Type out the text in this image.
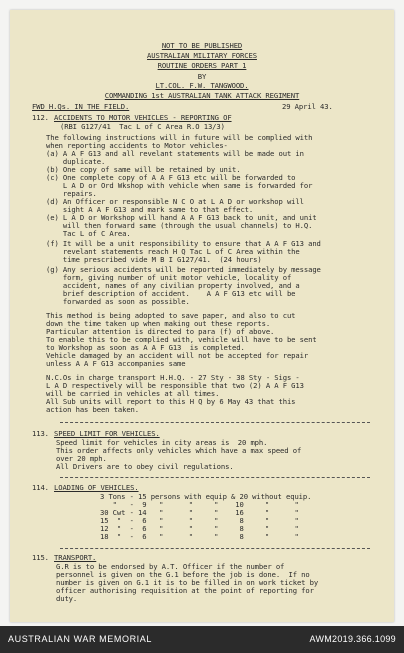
NOT TO BE PUBLISHED
AUSTRALIAN MILITARY FORCES
ROUTINE ORDERS PART 1
BY
LT.COL. F.W. TANGWOOD.
COMMANDING 1st AUSTRALIAN TANK ATTACK REGIMENT
FWD H.Qs. IN THE FIELD.	29 April 43.
112. ACCIDENTS TO MOTOR VEHICLES - REPORTING OF
(RBI G127/41  Tac L of C Area R.O 13/3)
The following instructions will in future will be complied with
when reporting accidents to Motor vehicles-
(a) A A F G13 and all revelant statements will be made out in
duplicate.
(b) One copy of same will be retained by unit.
(c) One complete copy of A A F G13 etc will be forwarded to
L A D or Ord Wkshop with vehicle when same is forwarded for
repairs.
(d) An Officer or responsible N C O at L A D or workshop will
sight A A F G13 and mark same to that effect.
(e) L A D or Workshop will hand A A F G13 back to unit, and unit
will then forward same (through the usual channels) to H.Q.
Tac L of C Area.
(f) It will be a unit responsibility to ensure that A A F G13 and
revelant statements reach H Q Tac L of C Area within the
time prescribed vide M B I G127/41.  (24 hours)
(g) Any serious accidents will be reported immediately by message
form, giving number of unit motor vehicle, locality of
accident, names of any civilian property involved, and a
brief description of accident.    A A F G13 etc will be
forwarded as soon as possible.
This method is being adopted to save paper, and also to cut
down the time taken up when making out these reports.
Particular attention is directed to para (f) of above.
To enable this to be complied with, vehicle will have to be sent
to Workshop as soon as A A F G13  is completed.
Vehicle damaged by an accident will not be accepted for repair
unless A A F G13 accompanies same
N.C.Os in charge transport H.H.Q. - 27 Sty - 38 Sty - Sigs -
L A D respectively will be responsible that two (2) A A F G13
will be carried in vehicles at all times.
All Sub units will report to this H Q by 6 May 43 that this
action has been taken.
113. SPEED LIMIT FOR VEHICLES.
Speed limit for vehicles in city areas is  20 mph.
This order affects only vehicles which have a max speed of
over 20 mph.
All Drivers are to obey civil regulations.
114. LOADING OF VEHICLES.
3 Tons - 15 persons with equip & 20 without equip.
"   -  9   "      "     "    10     "      "
30 Cwt - 14   "      "     "    16     "      "
15  "  -  6   "      "     "     8     "      "
12  "  -  6   "      "     "     8     "      "
18  "  -  6   "      "     "     8     "      "
115. TRANSPORT.
G.R is to be endorsed by A.T. Officer if the number of
personnel is given on the G.1 before the job is done.  If no
number is given on G.1 it is to be filled in on work ticket by
officer authorising requisition at the point of reporting for
duty.
AUSTRALIAN WAR MEMORIAL	AWM2019.366.1099
